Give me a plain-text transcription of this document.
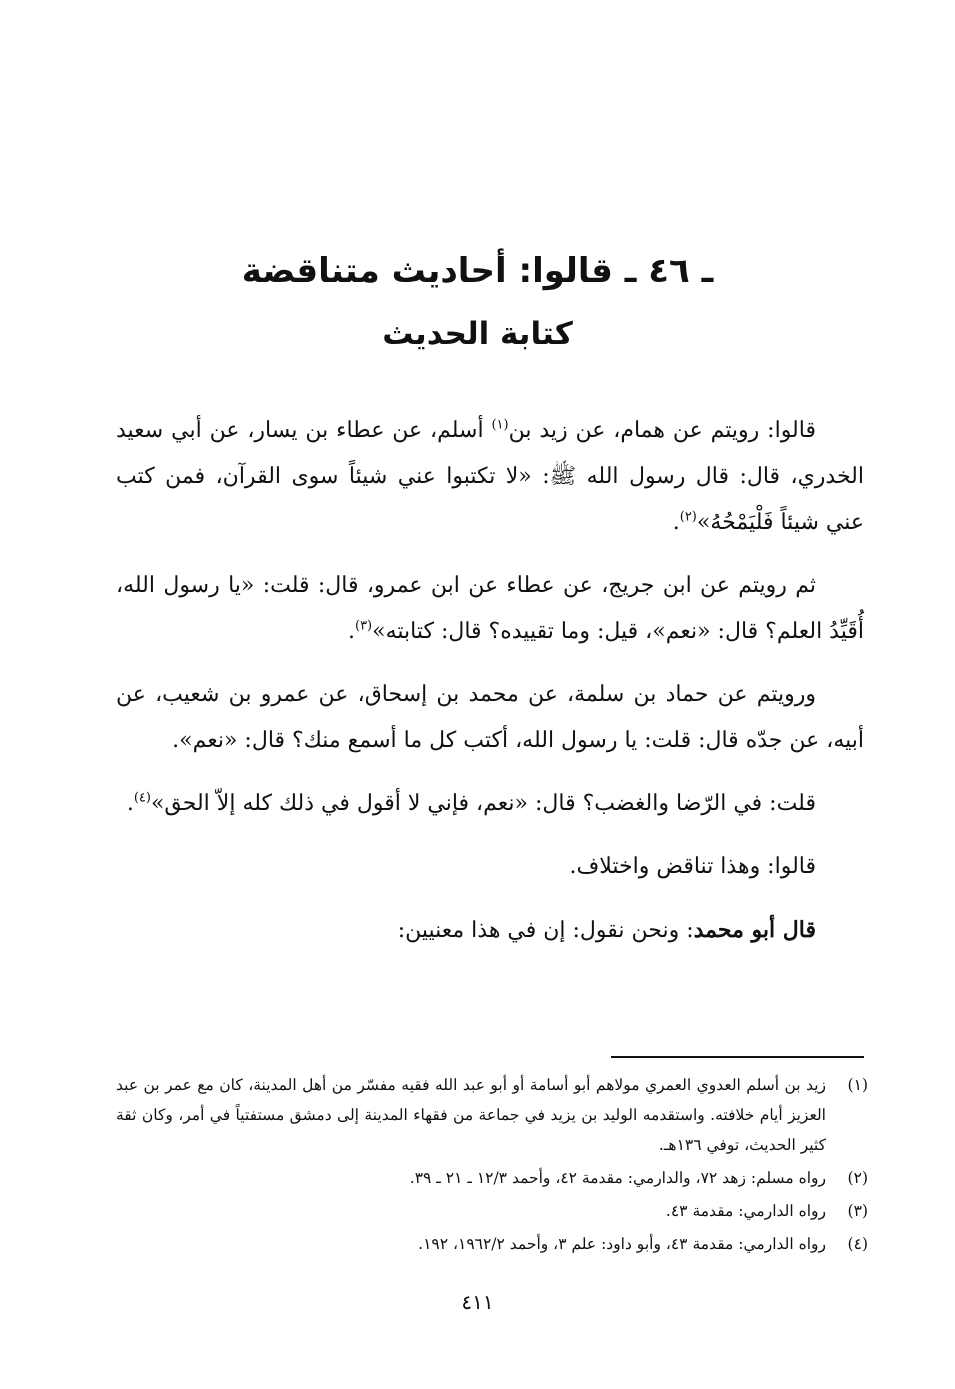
ـ ٤٦ ـ قالوا: أحاديث متناقضة
كتابة الحديث

قالوا: رويتم عن همام، عن زيد بن$^{(١)}$ أسلم، عن عطاء بن يسار، عن أبي سعيد الخدري، قال: قال رسول الله ﷺ: «لا تكتبوا عني شيئاً سوى القرآن، فمن كتب عني شيئاً فَلْيَمْحُهُ»$^{(٢)}$.

ثم رويتم عن ابن جريج، عن عطاء عن ابن عمرو، قال: قلت: «يا رسول الله، أُقَيِّدُ العلم؟ قال: «نعم»، قيل: وما تقييده؟ قال: كتابته»$^{(٣)}$.

ورويتم عن حماد بن سلمة، عن محمد بن إسحاق، عن عمرو بن شعيب، عن أبيه، عن جدّه قال: قلت: يا رسول الله، أكتب كل ما أسمع منك؟ قال: «نعم».

قلت: في الرّضا والغضب؟ قال: «نعم، فإني لا أقول في ذلك كله إلاّ الحق»$^{(٤)}$.

قالوا: وهذا تناقض واختلاف.

قال أبو محمد: ونحن نقول: إن في هذا معنيين:

(١)
زيد بن أسلم العدوي العمري مولاهم أبو أسامة أو أبو عبد الله فقيه مفسّر من أهل المدينة، كان مع عمر بن عبد العزيز أيام خلافته. واستقدمه الوليد بن يزيد في جماعة من فقهاء المدينة إلى دمشق مستفتياً في أمر، وكان ثقة كثير الحديث، توفي ١٣٦هـ.
(٢)
رواه مسلم: زهد ٧٢، والدارمي: مقدمة ٤٢، وأحمد ١٢/٣ ـ ٢١ ـ ٣٩.
(٣)
رواه الدارمي: مقدمة ٤٣.
(٤)
رواه الدارمي: مقدمة ٤٣، وأبو داود: علم ٣، وأحمد ١٩٦٢/٢، ١٩٢.
٤١١
